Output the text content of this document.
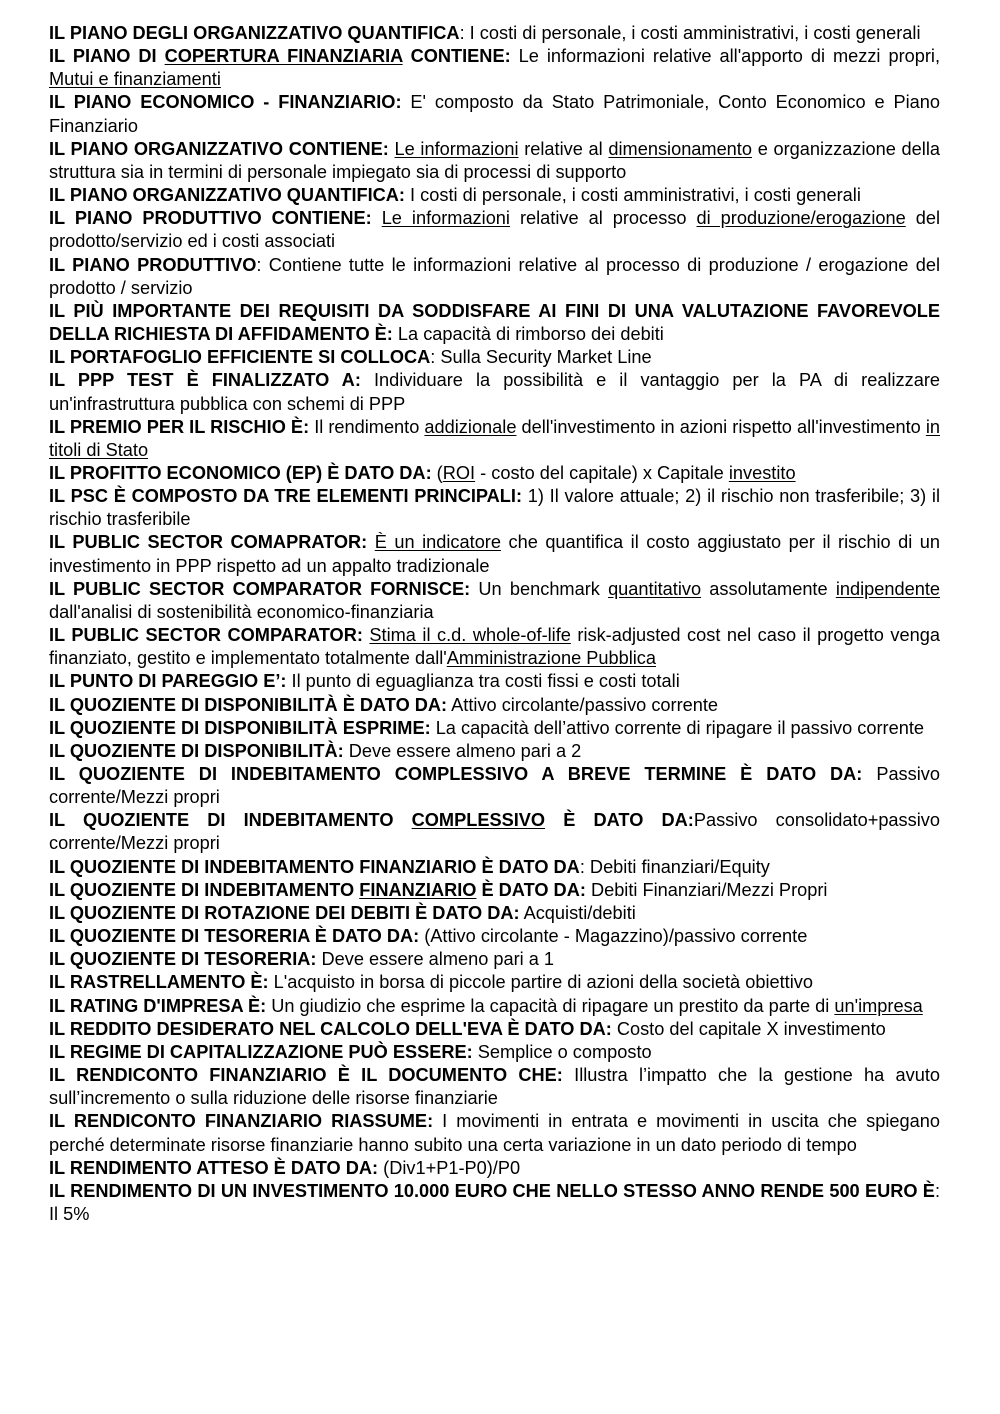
IL PIANO DEGLI ORGANIZZATIVO QUANTIFICA: I costi di personale, i costi amministrativi, i costi generali

IL PIANO DI COPERTURA FINANZIARIA CONTIENE: Le informazioni relative all'apporto di mezzi propri, Mutui e finanziamenti

IL PIANO ECONOMICO - FINANZIARIO: E' composto da Stato Patrimoniale, Conto Economico e Piano Finanziario

IL PIANO ORGANIZZATIVO CONTIENE: Le informazioni relative al dimensionamento e organizzazione della struttura sia in termini di personale impiegato sia di processi di supporto

IL PIANO ORGANIZZATIVO QUANTIFICA: I costi di personale, i costi amministrativi, i costi generali

IL PIANO PRODUTTIVO CONTIENE: Le informazioni relative al processo di produzione/erogazione del prodotto/servizio ed i costi associati

IL PIANO PRODUTTIVO: Contiene tutte le informazioni relative al processo di produzione / erogazione del prodotto / servizio

IL PIÙ IMPORTANTE DEI REQUISITI DA SODDISFARE AI FINI DI UNA VALUTAZIONE FAVOREVOLE DELLA RICHIESTA DI AFFIDAMENTO È: La capacità di rimborso dei debiti

IL PORTAFOGLIO EFFICIENTE SI COLLOCA: Sulla Security Market Line

IL PPP TEST È FINALIZZATO A: Individuare la possibilità e il vantaggio per la PA di realizzare un'infrastruttura pubblica con schemi di PPP

IL PREMIO PER IL RISCHIO È: Il rendimento addizionale dell'investimento in azioni rispetto all'investimento in titoli di Stato

IL PROFITTO ECONOMICO (EP) È DATO DA: (ROI - costo del capitale) x Capitale investito

IL PSC È COMPOSTO DA TRE ELEMENTI PRINCIPALI: 1) Il valore attuale; 2) il rischio non trasferibile; 3) il rischio trasferibile

IL PUBLIC SECTOR COMAPRATOR: È un indicatore che quantifica il costo aggiustato per il rischio di un investimento in PPP rispetto ad un appalto tradizionale

IL PUBLIC SECTOR COMPARATOR FORNISCE: Un benchmark quantitativo assolutamente indipendente dall'analisi di sostenibilità economico-finanziaria

IL PUBLIC SECTOR COMPARATOR: Stima il c.d. whole-of-life risk-adjusted cost nel caso il progetto venga finanziato, gestito e implementato totalmente dall'Amministrazione Pubblica

IL PUNTO DI PAREGGIO E’: Il punto di eguaglianza tra costi fissi e costi totali

IL QUOZIENTE DI DISPONIBILITÀ È DATO DA: Attivo circolante/passivo corrente

IL QUOZIENTE DI DISPONIBILITÀ ESPRIME: La capacità dell’attivo corrente di ripagare il passivo corrente

IL QUOZIENTE DI DISPONIBILITÀ: Deve essere almeno pari a 2

IL QUOZIENTE DI INDEBITAMENTO COMPLESSIVO A BREVE TERMINE È DATO DA: Passivo corrente/Mezzi propri

IL QUOZIENTE DI INDEBITAMENTO COMPLESSIVO È DATO DA:Passivo consolidato+passivo corrente/Mezzi propri

IL QUOZIENTE DI INDEBITAMENTO FINANZIARIO È DATO DA: Debiti finanziari/Equity

IL QUOZIENTE DI INDEBITAMENTO FINANZIARIO È DATO DA: Debiti Finanziari/Mezzi Propri

IL QUOZIENTE DI ROTAZIONE DEI DEBITI È DATO DA: Acquisti/debiti

IL QUOZIENTE DI TESORERIA È DATO DA: (Attivo circolante - Magazzino)/passivo corrente

IL QUOZIENTE DI TESORERIA: Deve essere almeno pari a 1

IL RASTRELLAMENTO È: L'acquisto in borsa di piccole partire di azioni della società obiettivo

IL RATING D'IMPRESA È: Un giudizio che esprime la capacità di ripagare un prestito da parte di un'impresa

IL REDDITO DESIDERATO NEL CALCOLO DELL'EVA È DATO DA: Costo del capitale X investimento

IL REGIME DI CAPITALIZZAZIONE PUÒ ESSERE: Semplice o composto

IL RENDICONTO FINANZIARIO È IL DOCUMENTO CHE: Illustra l’impatto che la gestione ha avuto sull’incremento o sulla riduzione delle risorse finanziarie

IL RENDICONTO FINANZIARIO RIASSUME: I movimenti in entrata e movimenti in uscita che spiegano perché determinate risorse finanziarie hanno subito una certa variazione in un dato periodo di tempo

IL RENDIMENTO ATTESO È DATO DA: (Div1+P1-P0)/P0

IL RENDIMENTO DI UN INVESTIMENTO 10.000 EURO CHE NELLO STESSO ANNO RENDE 500 EURO È: Il 5%
